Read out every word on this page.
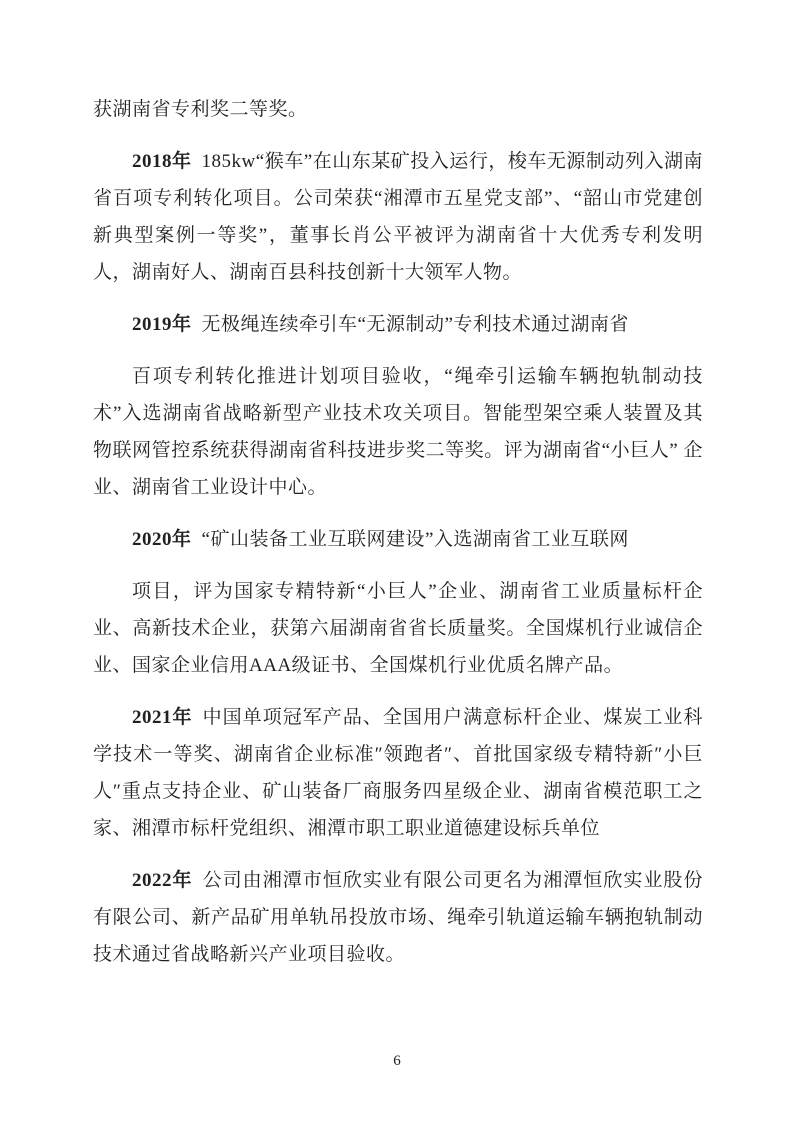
获湖南省专利奖二等奖。

2018年 185kw“猴车”在山东某矿投入运行，梭车无源制动列入湖南省百项专利转化项目。公司荣获“湘潭市五星党支部”、“韶山市党建创新典型案例一等奖”，董事长肖公平被评为湖南省十大优秀专利发明人，湖南好人、湖南百县科技创新十大领军人物。

2019年 无极绳连续牵引车“无源制动”专利技术通过湖南省

百项专利转化推进计划项目验收，“绳牵引运输车辆抱轨制动技术”入选湖南省战略新型产业技术攻关项目。智能型架空乘人装置及其物联网管控系统获得湖南省科技进步奖二等奖。评为湖南省“小巨人” 企业、湖南省工业设计中心。

2020年 “矿山装备工业互联网建设”入选湖南省工业互联网

项目，评为国家专精特新“小巨人”企业、湖南省工业质量标杆企业、高新技术企业，获第六届湖南省省长质量奖。全国煤机行业诚信企业、国家企业信用AAA级证书、全国煤机行业优质名牌产品。

2021年 中国单项冠军产品、全国用户满意标杆企业、煤炭工业科学技术一等奖、湖南省企业标准″领跑者″、首批国家级专精特新″小巨人″重点支持企业、矿山装备厂商服务四星级企业、湖南省模范职工之家、湘潭市标杆党组织、湘潭市职工职业道德建设标兵单位

2022年 公司由湘潭市恒欣实业有限公司更名为湘潭恒欣实业股份有限公司、新产品矿用单轨吊投放市场、绳牵引轨道运输车辆抱轨制动技术通过省战略新兴产业项目验收。

6
